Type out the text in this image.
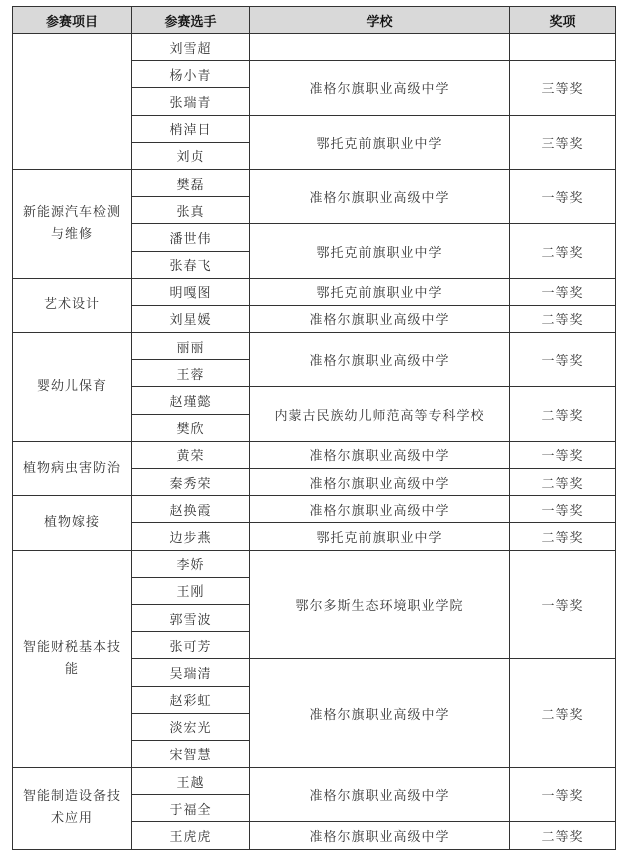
参赛项目	参赛选手	学校	奖项
	刘雪超		
	杨小青	准格尔旗职业高级中学	三等奖
	张瑞青		
	梢淖日	鄂托克前旗职业中学	三等奖
	刘贞		
新能源汽车检测与维修	樊磊	准格尔旗职业高级中学	一等奖
	张真		
	潘世伟	鄂托克前旗职业中学	二等奖
	张春飞		
艺术设计	明嘎图	鄂托克前旗职业中学	一等奖
	刘星媛	准格尔旗职业高级中学	二等奖
婴幼儿保育	丽丽	准格尔旗职业高级中学	一等奖
	王蓉		
	赵瑾懿	内蒙古民族幼儿师范高等专科学校	二等奖
	樊欣		
植物病虫害防治	黄荣	准格尔旗职业高级中学	一等奖
	秦秀荣	准格尔旗职业高级中学	二等奖
植物嫁接	赵换霞	准格尔旗职业高级中学	一等奖
	边步燕	鄂托克前旗职业中学	二等奖
智能财税基本技能	李娇	鄂尔多斯生态环境职业学院	一等奖
	王刚		
	郭雪波		
	张可芳		
	吴瑞清	准格尔旗职业高级中学	二等奖
	赵彩虹		
	淡宏光		
	宋智慧		
智能制造设备技术应用	王越	准格尔旗职业高级中学	一等奖
	于福全		
	王虎虎	准格尔旗职业高级中学	二等奖
